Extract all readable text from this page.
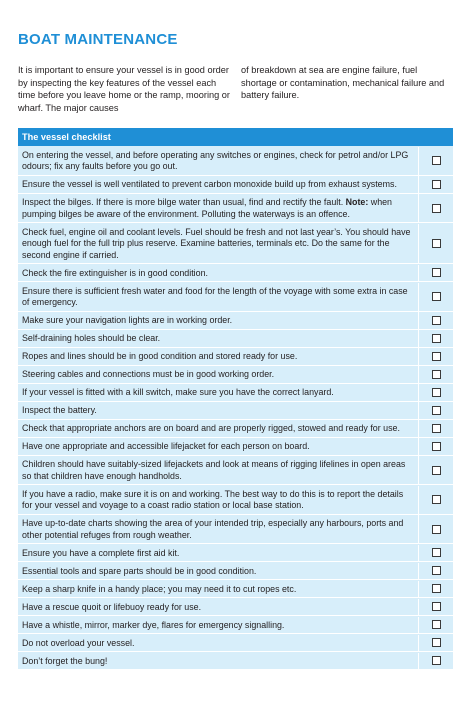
BOAT MAINTENANCE
It is important to ensure your vessel is in good order by inspecting the key features of the vessel each time before you leave home or the ramp, mooring or wharf. The major causes
of breakdown at sea are engine failure, fuel shortage or contamination, mechanical failure and battery failure.
The vessel checklist
On entering the vessel, and before operating any switches or engines, check for petrol and/or LPG odours; fix any faults before you go out.
Ensure the vessel is well ventilated to prevent carbon monoxide build up from exhaust systems.
Inspect the bilges. If there is more bilge water than usual, find and rectify the fault. Note: when pumping bilges be aware of the environment. Polluting the waterways is an offence.
Check fuel, engine oil and coolant levels. Fuel should be fresh and not last year’s. You should have enough fuel for the full trip plus reserve. Examine batteries, terminals etc. Do the same for the second engine if carried.
Check the fire extinguisher is in good condition.
Ensure there is sufficient fresh water and food for the length of the voyage with some extra in case of emergency.
Make sure your navigation lights are in working order.
Self-draining holes should be clear.
Ropes and lines should be in good condition and stored ready for use.
Steering cables and connections must be in good working order.
If your vessel is fitted with a kill switch, make sure you have the correct lanyard.
Inspect the battery.
Check that appropriate anchors are on board and are properly rigged, stowed and ready for use.
Have one appropriate and accessible lifejacket for each person on board.
Children should have suitably-sized lifejackets and look at means of rigging lifelines in open areas so that children have enough handholds.
If you have a radio, make sure it is on and working. The best way to do this is to report the details for your vessel and voyage to a coast radio station or local base station.
Have up-to-date charts showing the area of your intended trip, especially any harbours, ports and other potential refuges from rough weather.
Ensure you have a complete first aid kit.
Essential tools and spare parts should be in good condition.
Keep a sharp knife in a handy place; you may need it to cut ropes etc.
Have a rescue quoit or lifebuoy ready for use.
Have a whistle, mirror, marker dye, flares for emergency signalling.
Do not overload your vessel.
Don’t forget the bung!
